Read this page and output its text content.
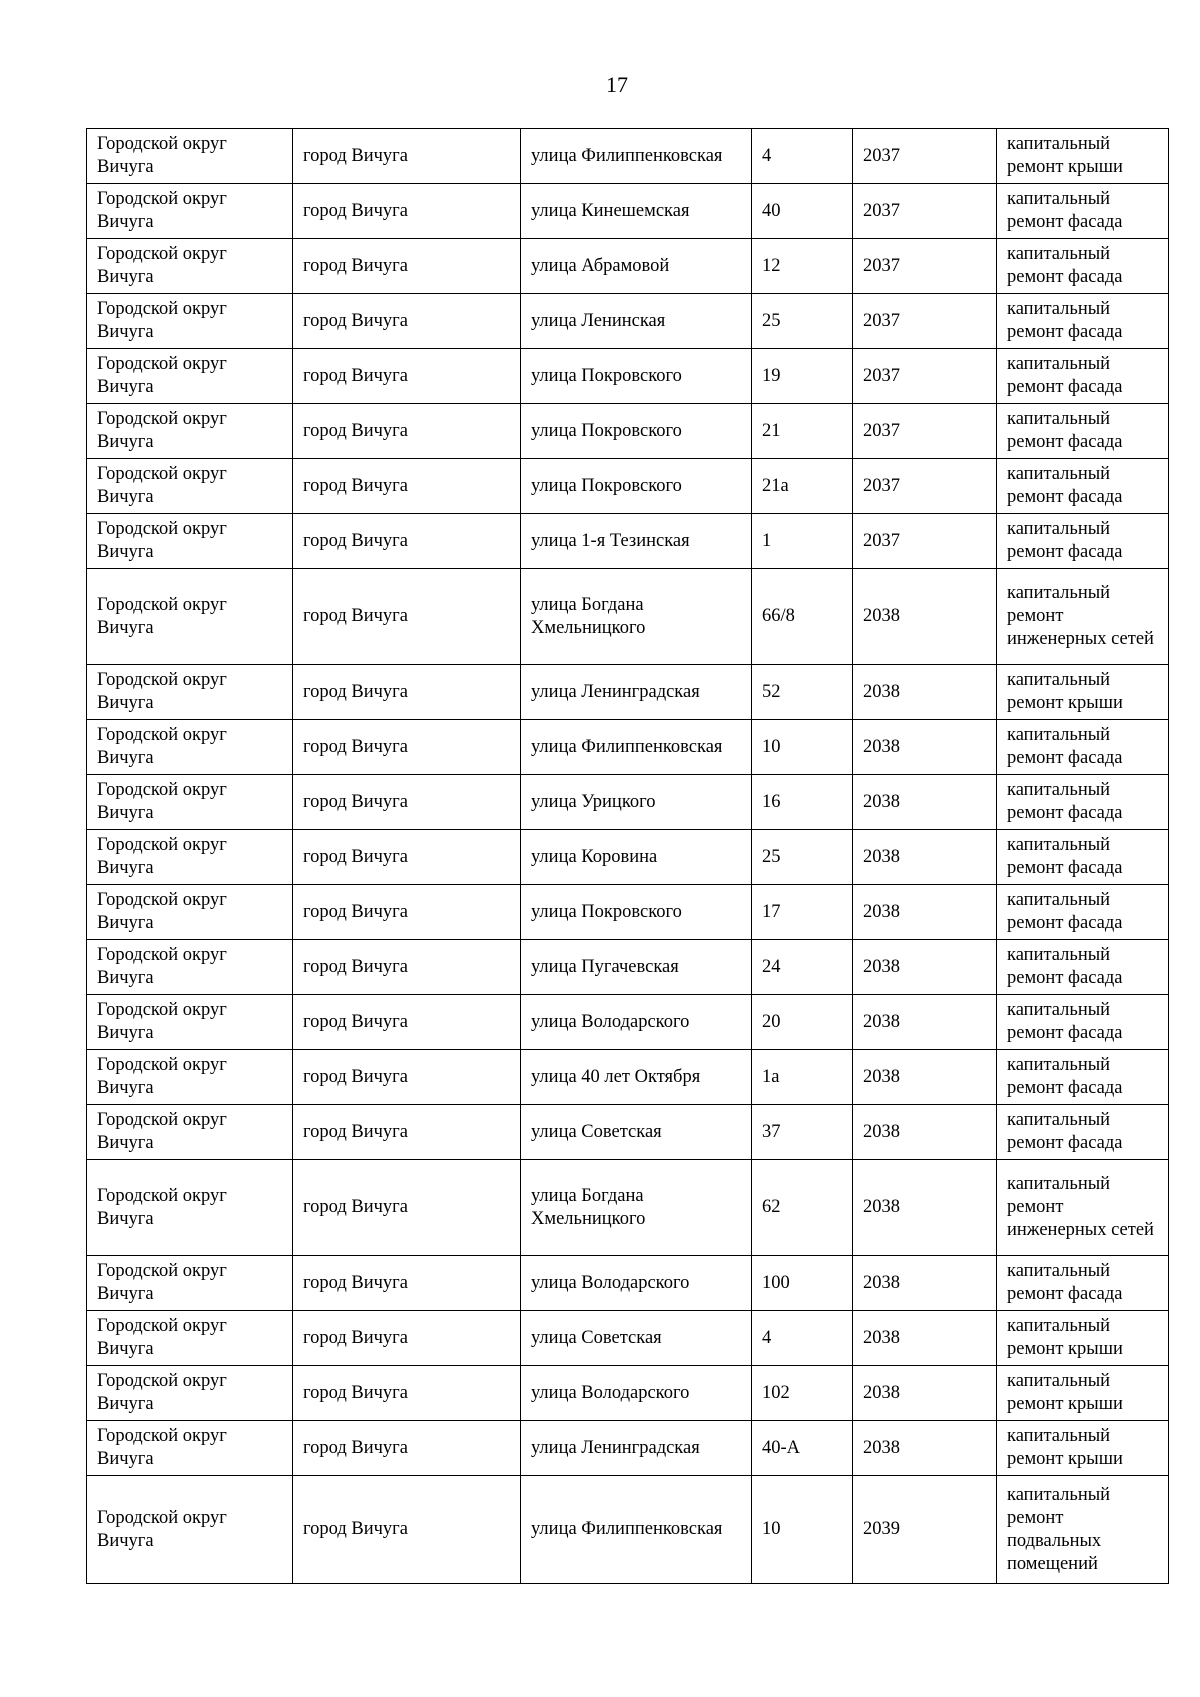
17
Городской округ Вичуга	город Вичуга	улица Филиппенковская	4	2037	капитальный ремонт крыши
Городской округ Вичуга	город Вичуга	улица Кинешемская	40	2037	капитальный ремонт фасада
Городской округ Вичуга	город Вичуга	улица Абрамовой	12	2037	капитальный ремонт фасада
Городской округ Вичуга	город Вичуга	улица Ленинская	25	2037	капитальный ремонт фасада
Городской округ Вичуга	город Вичуга	улица Покровского	19	2037	капитальный ремонт фасада
Городской округ Вичуга	город Вичуга	улица Покровского	21	2037	капитальный ремонт фасада
Городской округ Вичуга	город Вичуга	улица Покровского	21а	2037	капитальный ремонт фасада
Городской округ Вичуга	город Вичуга	улица 1-я Тезинская	1	2037	капитальный ремонт фасада
Городской округ Вичуга	город Вичуга	улица Богдана Хмельницкого	66/8	2038	капитальный ремонт инженерных сетей
Городской округ Вичуга	город Вичуга	улица Ленинградская	52	2038	капитальный ремонт крыши
Городской округ Вичуга	город Вичуга	улица Филиппенковская	10	2038	капитальный ремонт фасада
Городской округ Вичуга	город Вичуга	улица Урицкого	16	2038	капитальный ремонт фасада
Городской округ Вичуга	город Вичуга	улица Коровина	25	2038	капитальный ремонт фасада
Городской округ Вичуга	город Вичуга	улица Покровского	17	2038	капитальный ремонт фасада
Городской округ Вичуга	город Вичуга	улица Пугачевская	24	2038	капитальный ремонт фасада
Городской округ Вичуга	город Вичуга	улица Володарского	20	2038	капитальный ремонт фасада
Городской округ Вичуга	город Вичуга	улица 40 лет Октября	1а	2038	капитальный ремонт фасада
Городской округ Вичуга	город Вичуга	улица Советская	37	2038	капитальный ремонт фасада
Городской округ Вичуга	город Вичуга	улица Богдана Хмельницкого	62	2038	капитальный ремонт инженерных сетей
Городской округ Вичуга	город Вичуга	улица Володарского	100	2038	капитальный ремонт фасада
Городской округ Вичуга	город Вичуга	улица Советская	4	2038	капитальный ремонт крыши
Городской округ Вичуга	город Вичуга	улица Володарского	102	2038	капитальный ремонт крыши
Городской округ Вичуга	город Вичуга	улица Ленинградская	40-А	2038	капитальный ремонт крыши
Городской округ Вичуга	город Вичуга	улица Филиппенковская	10	2039	капитальный ремонт подвальных помещений
